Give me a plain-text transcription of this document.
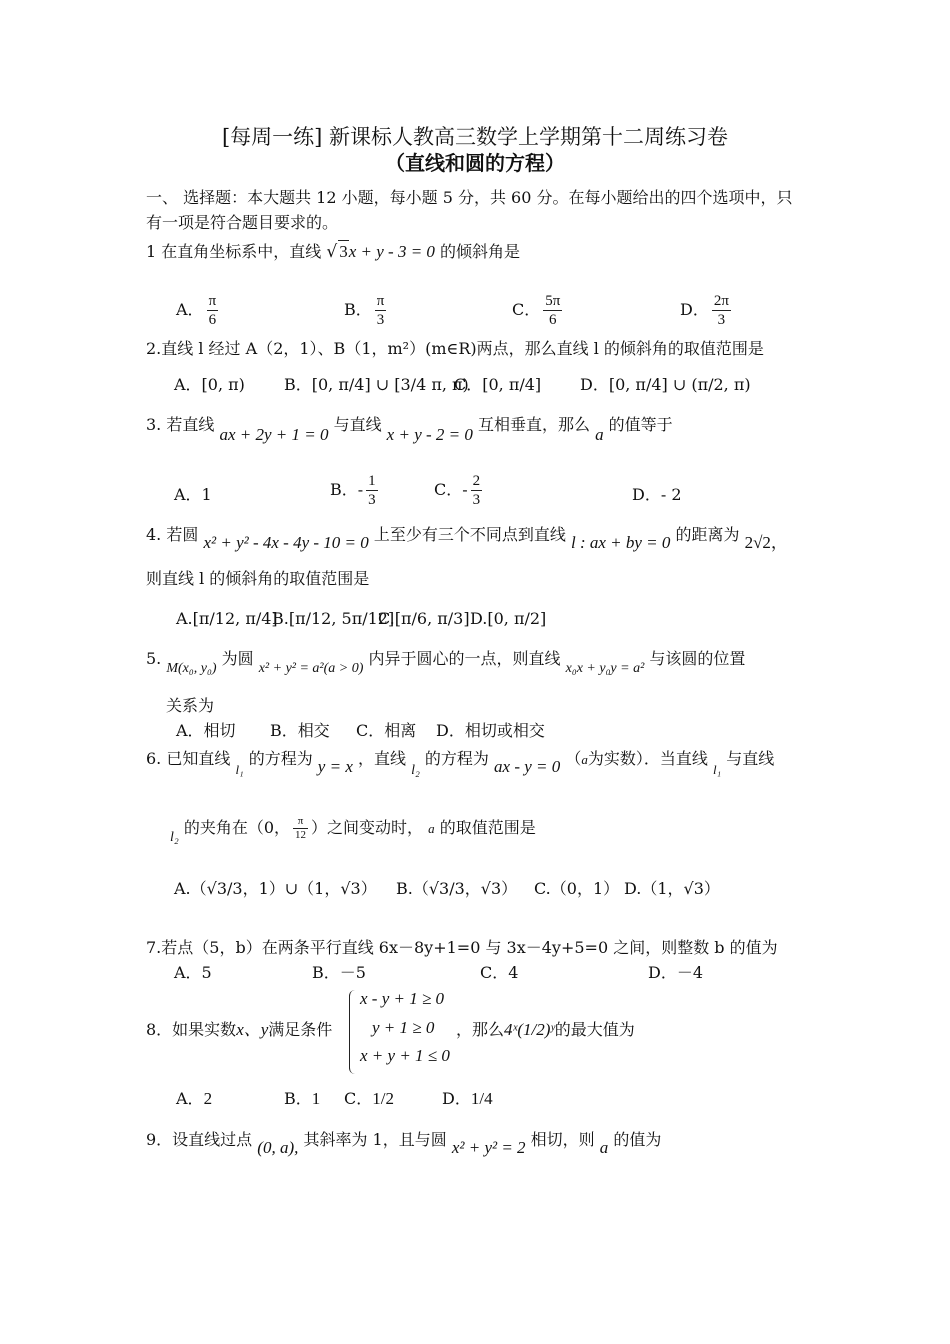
[每周一练] 新课标人教高三数学上学期第十二周练习卷
（直线和圆的方程）
一、 选择题：本大题共 12 小题，每小题 5 分，共 60 分。在每小题给出的四个选项中，只
有一项是符合题目要求的。
1 在直角坐标系中，直线 √ 3x + y - 3 = 0 的倾斜角是
A． $\frac{\pi}{6}$	B． $\frac{\pi}{3}$	C． $\frac{5\pi}{6}$	D． $\frac{2\pi}{3}$
2.直线 l 经过 A（2，1）、B（1，m²）(m∈R)两点，那么直线 l 的倾斜角的取值范围是
A．[0, π) B．[0, π/4] ∪ [3/4 π, π)
C．[0, π/4] D．[0, π/4] ∪ (π/2, π)
3. 若直线 ax + 2y + 1 = 0 与直线 x + y - 2 = 0 互相垂直，那么 a 的值等于
A．1	B．- $\frac{1}{3}$	C．- $\frac{2}{3}$	D．- 2
4. 若圆 x² + y² - 4x - 4y - 10 = 0 上至少有三个不同点到直线 l : ax + by = 0 的距离为 2√2，
则直线 l 的倾斜角的取值范围是
A.[π/12, π/4]
B.[π/12, 5π/12]
C.[π/6, π/3] D.[0, π/2]
5. M(x₀, y₀) 为圆 x² + y² = a²(a > 0) 内异于圆心的一点，则直线 x₀x + y₀y = a² 与该圆的位置
关系为
A．相切 B．相交 C．相离 D．相切或相交
6. 已知直线 $_{l_1}$ 的方程为 y = x ，直线 l₂ 的方程为 ax - y = 0 （a为实数）．当直线 $_{l_1}$ 与直线
l₂ 的夹角在（0， $\frac{\pi}{12}$ ）之间变动时， a 的取值范围是
A.（√3/3，1）∪（1，√3） B.（√3/3，√3） C.（0，1） D.（1，√3）
7.若点（5，b）在两条平行直线 6x－8y+1=0 与 3x－4y+5=0 之间，则整数 b 的值为
A．5	B．－5	C．4	D．－4
8．如果实数x、y满足条件
x - y + 1 ≥ 0
y + 1 ≥ 0
x + y + 1 ≤ 0
，那么4ˣ(1/2)ʸ的最大值为
A．2	B．1 C．1/2	D．1/4
9．设直线过点 (0, a), 其斜率为 1，且与圆 x² + y² = 2 相切，则 a 的值为
